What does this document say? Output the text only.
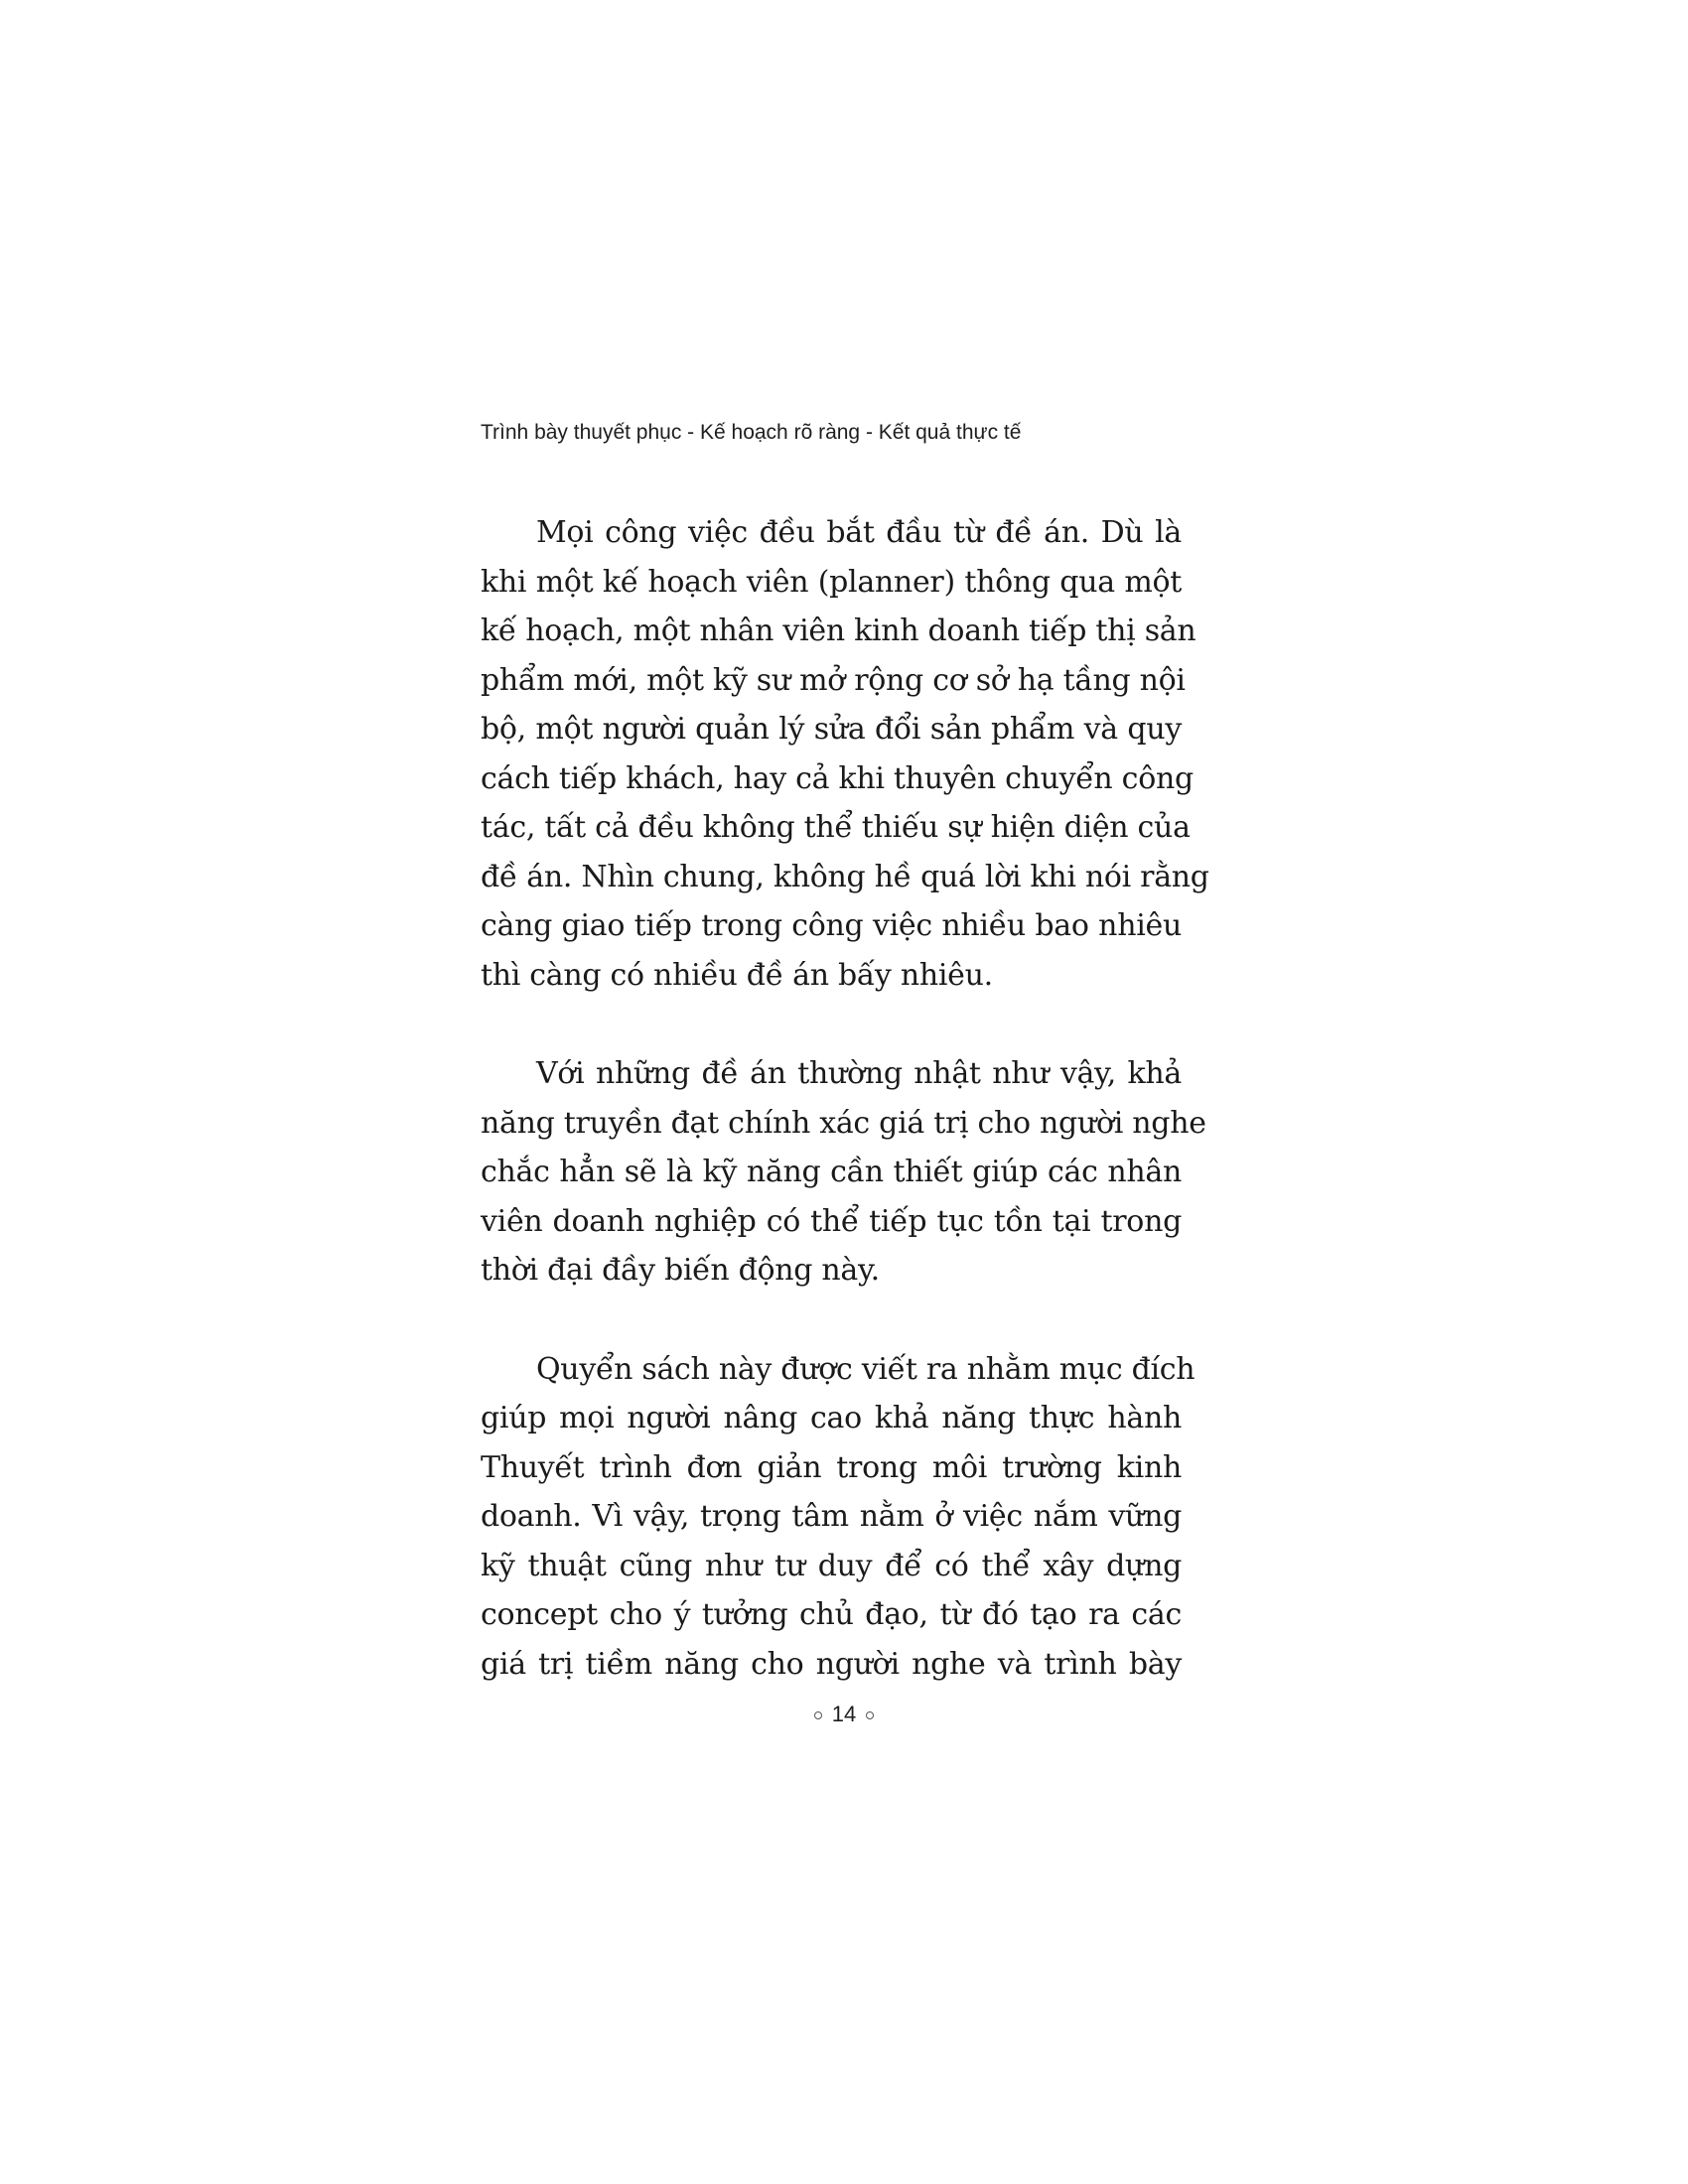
Trình bày thuyết phục - Kế hoạch rõ ràng - Kết quả thực tế
Mọi công việc đều bắt đầu từ đề án. Dù là
khi một kế hoạch viên (planner) thông qua một
kế hoạch, một nhân viên kinh doanh tiếp thị sản
phẩm mới, một kỹ sư mở rộng cơ sở hạ tầng nội
bộ, một người quản lý sửa đổi sản phẩm và quy
cách tiếp khách, hay cả khi thuyên chuyển công
tác, tất cả đều không thể thiếu sự hiện diện của
đề án. Nhìn chung, không hề quá lời khi nói rằng
càng giao tiếp trong công việc nhiều bao nhiêu
thì càng có nhiều đề án bấy nhiêu.
Với những đề án thường nhật như vậy, khả
năng truyền đạt chính xác giá trị cho người nghe
chắc hẳn sẽ là kỹ năng cần thiết giúp các nhân
viên doanh nghiệp có thể tiếp tục tồn tại trong
thời đại đầy biến động này.
Quyển sách này được viết ra nhằm mục đích
giúp mọi người nâng cao khả năng thực hành
Thuyết trình đơn giản trong môi trường kinh
doanh. Vì vậy, trọng tâm nằm ở việc nắm vững
kỹ thuật cũng như tư duy để có thể xây dựng
concept cho ý tưởng chủ đạo, từ đó tạo ra các
giá trị tiềm năng cho người nghe và trình bày
14
